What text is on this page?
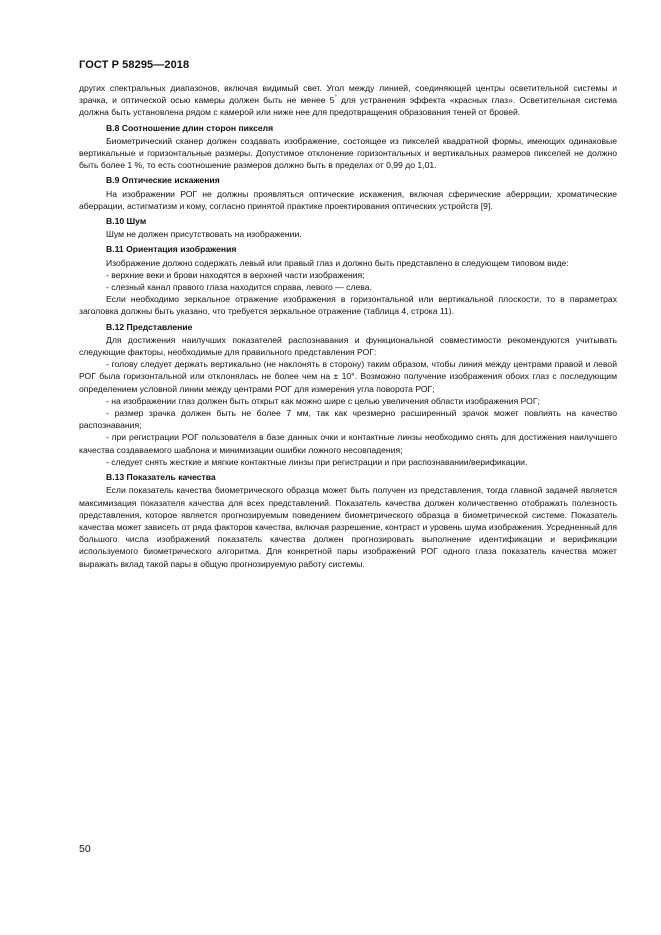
ГОСТ Р 58295—2018

других спектральных диапазонов, включая видимый свет. Угол между линией, соединяющей центры осветительной системы и зрачка, и оптической осью камеры должен быть не менее 5° для устранения эффекта «красных глаз». Осветительная система должна быть установлена рядом с камерой или ниже нее для предотвращения образования теней от бровей.

В.8 Соотношение длин сторон пикселя

Биометрический сканер должен создавать изображение, состоящее из пикселей квадратной формы, имеющих одинаковые вертикальные и горизонтальные размеры. Допустимое отклонение горизонтальных и вертикальных размеров пикселей не должно быть более 1 %, то есть соотношение размеров должно быть в пределах от 0,99 до 1,01.

В.9 Оптические искажения

На изображении РОГ не должны проявляться оптические искажения, включая сферические аберрации, хроматические аберрации, астигматизм и кому, согласно принятой практике проектирования оптических устройств [9].

В.10 Шум

Шум не должен присутствовать на изображении.

В.11 Ориентация изображения

Изображение должно содержать левый или правый глаз и должно быть представлено в следующем типовом виде:

- верхние веки и брови находятся в верхней части изображения;

- слезный канал правого глаза находится справа, левого — слева.

Если необходимо зеркальное отражение изображения в горизонтальной или вертикальной плоскости, то в параметрах заголовка должны быть указано, что требуется зеркальное отражение (таблица 4, строка 11).

В.12 Представление

Для достижения наилучших показателей распознавания и функциональной совместимости рекомендуются учитывать следующие факторы, необходимые для правильного представления РОГ:

- голову следует держать вертикально (не наклонять в сторону) таким образом, чтобы линия между центрами правой и левой РОГ была горизонтальной или отклонялась не более чем на ± 10°. Возможно получение изображения обоих глаз с последующим определением условной линии между центрами РОГ для измерения угла поворота РОГ;

- на изображении глаз должен быть открыт как можно шире с целью увеличения области изображения РОГ;

- размер зрачка должен быть не более 7 мм, так как чрезмерно расширенный зрачок может повлиять на качество распознавания;

- при регистрации РОГ пользователя в базе данных очки и контактные линзы необходимо снять для достижения наилучшего качества создаваемого шаблона и минимизации ошибки ложного несовпадения;

- следует снять жесткие и мягкие контактные линзы при регистрации и при распознавании/верификации.

В.13 Показатель качества

Если показатель качества биометрического образца может быть получен из представления, тогда главной задачей является максимизация показателя качества для всех представлений. Показатель качества должен количественно отображать полезность представления, которое является прогнозируемым поведением биометрического образца в биометрической системе. Показатель качества может зависеть от ряда факторов качества, включая разрешение, контраст и уровень шума изображения. Усредненный для большого числа изображений показатель качества должен прогнозировать выполнение идентификации и верификации используемого биометрического алгоритма. Для конкретной пары изображений РОГ одного глаза показатель качества может выражать вклад такой пары в общую прогнозируемую работу системы.

50
